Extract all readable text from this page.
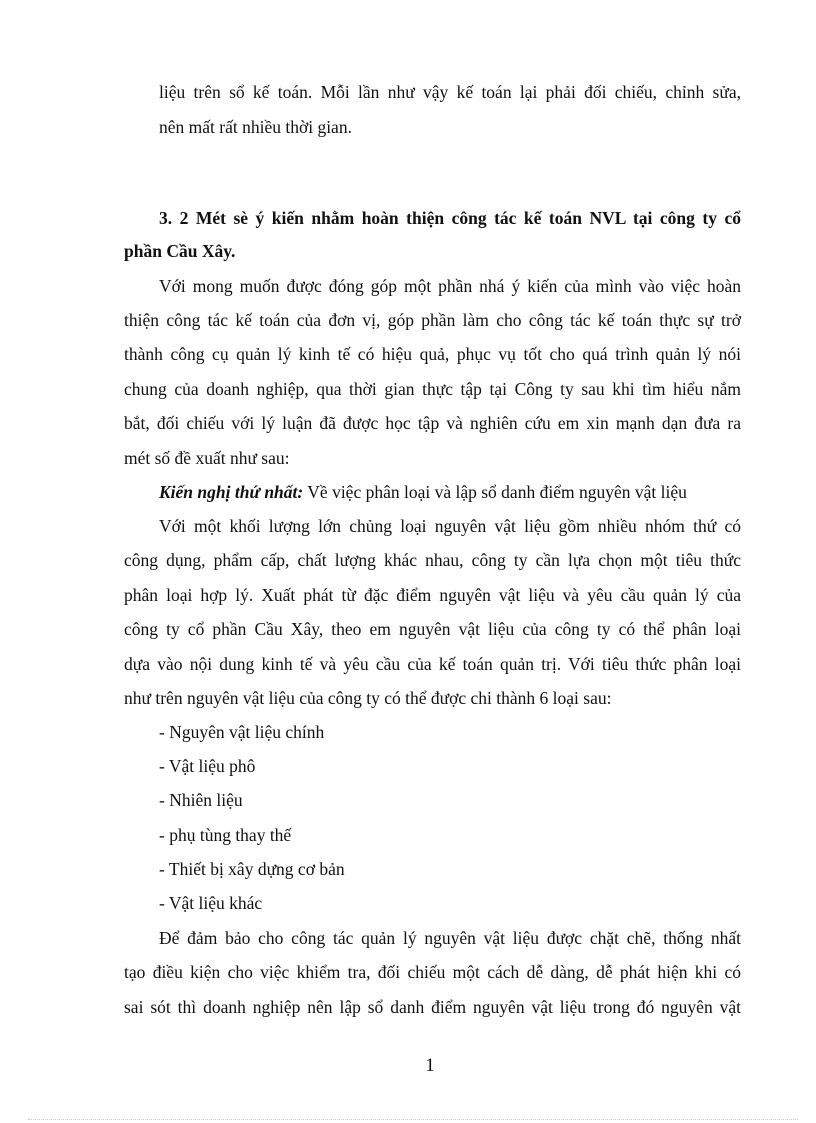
liệu trên sổ kế toán. Mỗi lần như vậy kế toán lại phải đối chiếu, chỉnh sửa,
nên mất rất nhiều thời gian.
3. 2 Mét sè ý kiến nhằm hoàn thiện công tác kế toán NVL tại công ty cổ
phần Cầu Xây.
Với mong muốn được đóng góp một phần nhá ý kiến của mình vào việc hoàn
thiện công tác kế toán của đơn vị, góp phần làm cho công tác kế toán thực sự trở
thành công cụ quản lý kinh tế có hiệu quả, phục vụ tốt cho quá trình quản lý nói
chung của doanh nghiệp, qua thời gian thực tập tại Công ty sau khi tìm hiểu nắm
bắt, đối chiếu với lý luận đã được học tập và nghiên cứu em xin mạnh dạn đưa ra
mét số đề xuất như sau:
Kiến nghị thứ nhất: Về việc phân loại và lập sổ danh điểm nguyên vật liệu
Với một khối lượng lớn chủng loại nguyên vật liệu gồm nhiều nhóm thứ có
công dụng, phẩm cấp, chất lượng khác nhau, công ty cần lựa chọn một tiêu thức
phân loại hợp lý. Xuất phát từ đặc điểm nguyên vật liệu và yêu cầu quản lý của
công ty cổ phần Cầu Xây, theo em nguyên vật liệu của công ty có thể phân loại
dựa vào nội dung kinh tế và yêu cầu của kế toán quản trị. Với tiêu thức phân loại
như trên nguyên vật liệu của công ty có thể được chi thành 6 loại sau:
- Nguyên vật liệu chính
- Vật liệu phô
- Nhiên liệu
- phụ tùng thay thế
- Thiết bị xây dựng cơ bản
- Vật liệu khác
Để đảm bảo cho công tác quản lý nguyên vật liệu được chặt chẽ, thống nhất
tạo điều kiện cho việc khiểm tra, đối chiếu một cách dễ dàng, dễ phát hiện khi có
sai sót thì doanh nghiệp nên lập sổ danh điểm nguyên vật liệu trong đó nguyên vật
1
